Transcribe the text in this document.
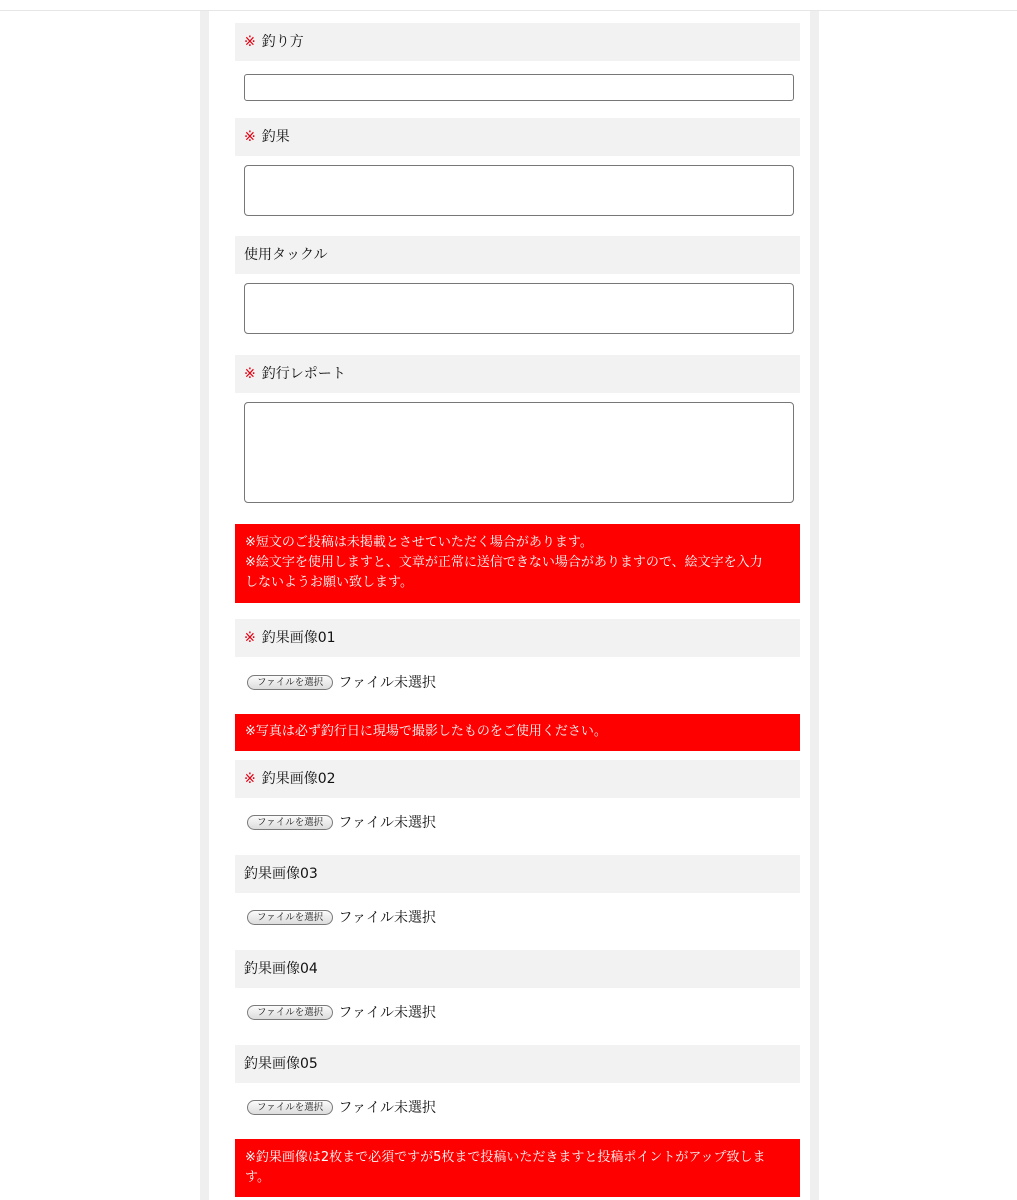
※ 釣り方
※ 釣果
使用タックル
※ 釣行レポート
※短文のご投稿は未掲載とさせていただく場合があります。
※絵文字を使用しますと、文章が正常に送信できない場合がありますので、絵文字を入力
しないようお願い致します。
※ 釣果画像01
ファイルを選択	ファイル未選択
※写真は必ず釣行日に現場で撮影したものをご使用ください。
※ 釣果画像02
ファイルを選択	ファイル未選択
釣果画像03
ファイルを選択	ファイル未選択
釣果画像04
ファイルを選択	ファイル未選択
釣果画像05
ファイルを選択	ファイル未選択
※釣果画像は2枚まで必須ですが5枚まで投稿いただきますと投稿ポイントがアップ致しま
す。
